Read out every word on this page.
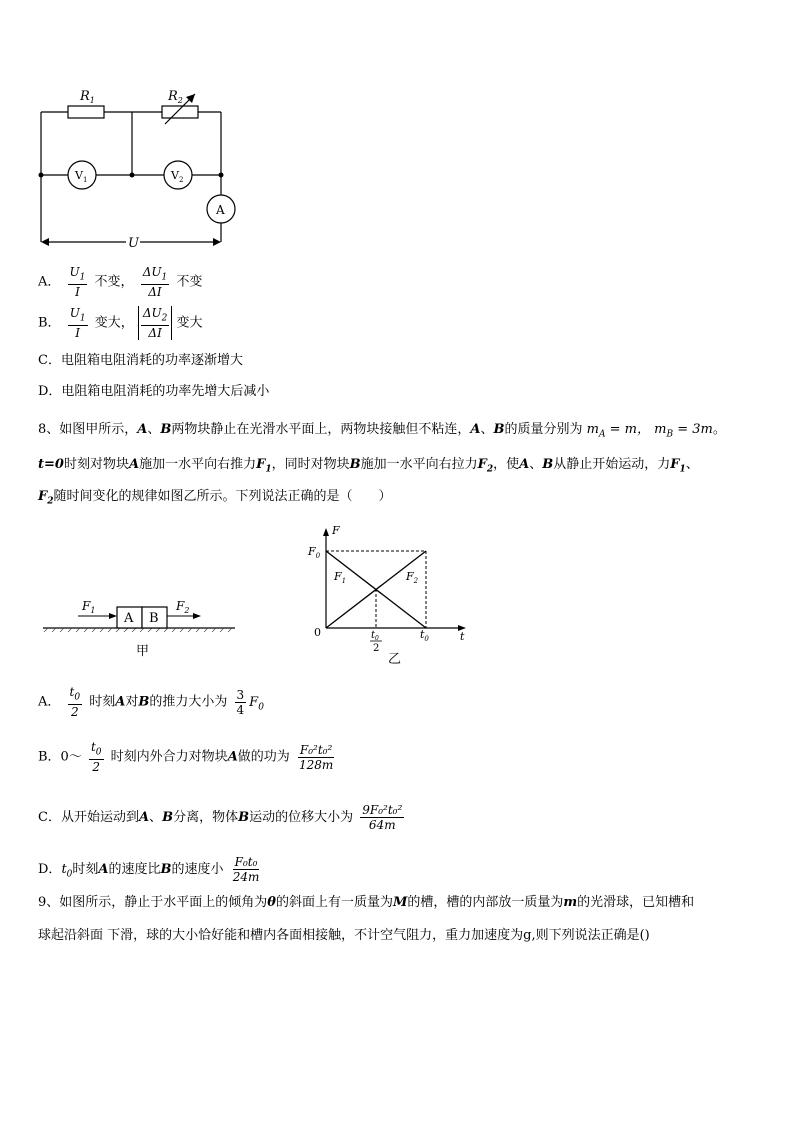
$R_1$	$R_2$
$V_1$	$V_2$
A
U
A． $\frac{U_1}{I}$ 不变， $\frac{\Delta U_1}{\Delta I}$ 不变
B． $\frac{U_1}{I}$ 变大， $\frac{\Delta U_2}{\Delta I}$ 变大
C．电阻箱电阻消耗的功率逐渐增大
D．电阻箱电阻消耗的功率先增大后减小
8、如图甲所示，A、B两物块静止在光滑水平面上，两物块接触但不粘连，A、B的质量分别为 $m_A = m$， $m_B = 3m$。
t=0时刻对物块A施加一水平向右推力$F_1$，同时对物块B施加一水平向右拉力$F_2$，使A、B从静止开始运动，力$F_1$、
$F_2$随时间变化的规律如图乙所示。下列说法正确的是（　　）
A B
$F_1$	$F_2$
甲
F
$F_0$
$F_1$	$F_2$
0	$t_0$
2
$t_0$	t
乙
A． $\frac{t_0}{2}$ 时刻A对B的推力大小为 $\frac{3}{4} F_0$
B．0～ $\frac{t_0}{2}$ 时刻内外合力对物块A做的功为 $\frac{\text{F₀²t₀²}}{128m}$
C．从开始运动到A、B分离，物体B运动的位移大小为 $\frac{\text{9F₀²t₀²}}{64m}$
D．$t_0$时刻A的速度比B的速度小 $\frac{\text{F₀t₀}}{24m}$
9、如图所示，静止于水平面上的倾角为θ的斜面上有一质量为M的槽，槽的内部放一质量为m的光滑球，已知槽和
球起沿斜面 下滑，球的大小恰好能和槽内各面相接触，不计空气阻力，重力加速度为g,则下列说法正确是()
